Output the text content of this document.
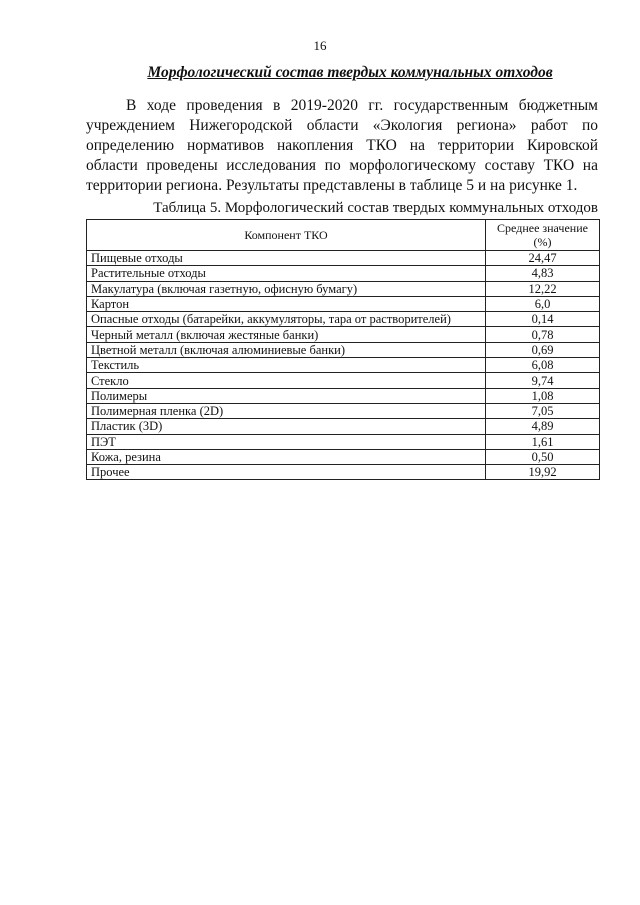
16
Морфологический состав твердых коммунальных отходов

В ходе проведения в 2019-2020 гг. государственным бюджетным учреждением Нижегородской области «Экология региона» работ по определению нормативов накопления ТКО на территории Кировской области проведены исследования по морфологическому составу ТКО на территории региона. Результаты представлены в таблице 5 и на рисунке 1.

Таблица 5. Морфологический состав твердых коммунальных отходов
Компонент ТКО	Среднее значение (%)
Пищевые отходы	24,47
Растительные отходы	4,83
Макулатура (включая газетную, офисную бумагу)	12,22
Картон	6,0
Опасные отходы (батарейки, аккумуляторы, тара от растворителей)	0,14
Черный металл (включая жестяные банки)	0,78
Цветной металл (включая алюминиевые банки)	0,69
Текстиль	6,08
Стекло	9,74
Полимеры	1,08
Полимерная пленка (2D)	7,05
Пластик (3D)	4,89
ПЭТ	1,61
Кожа, резина	0,50
Прочее	19,92
